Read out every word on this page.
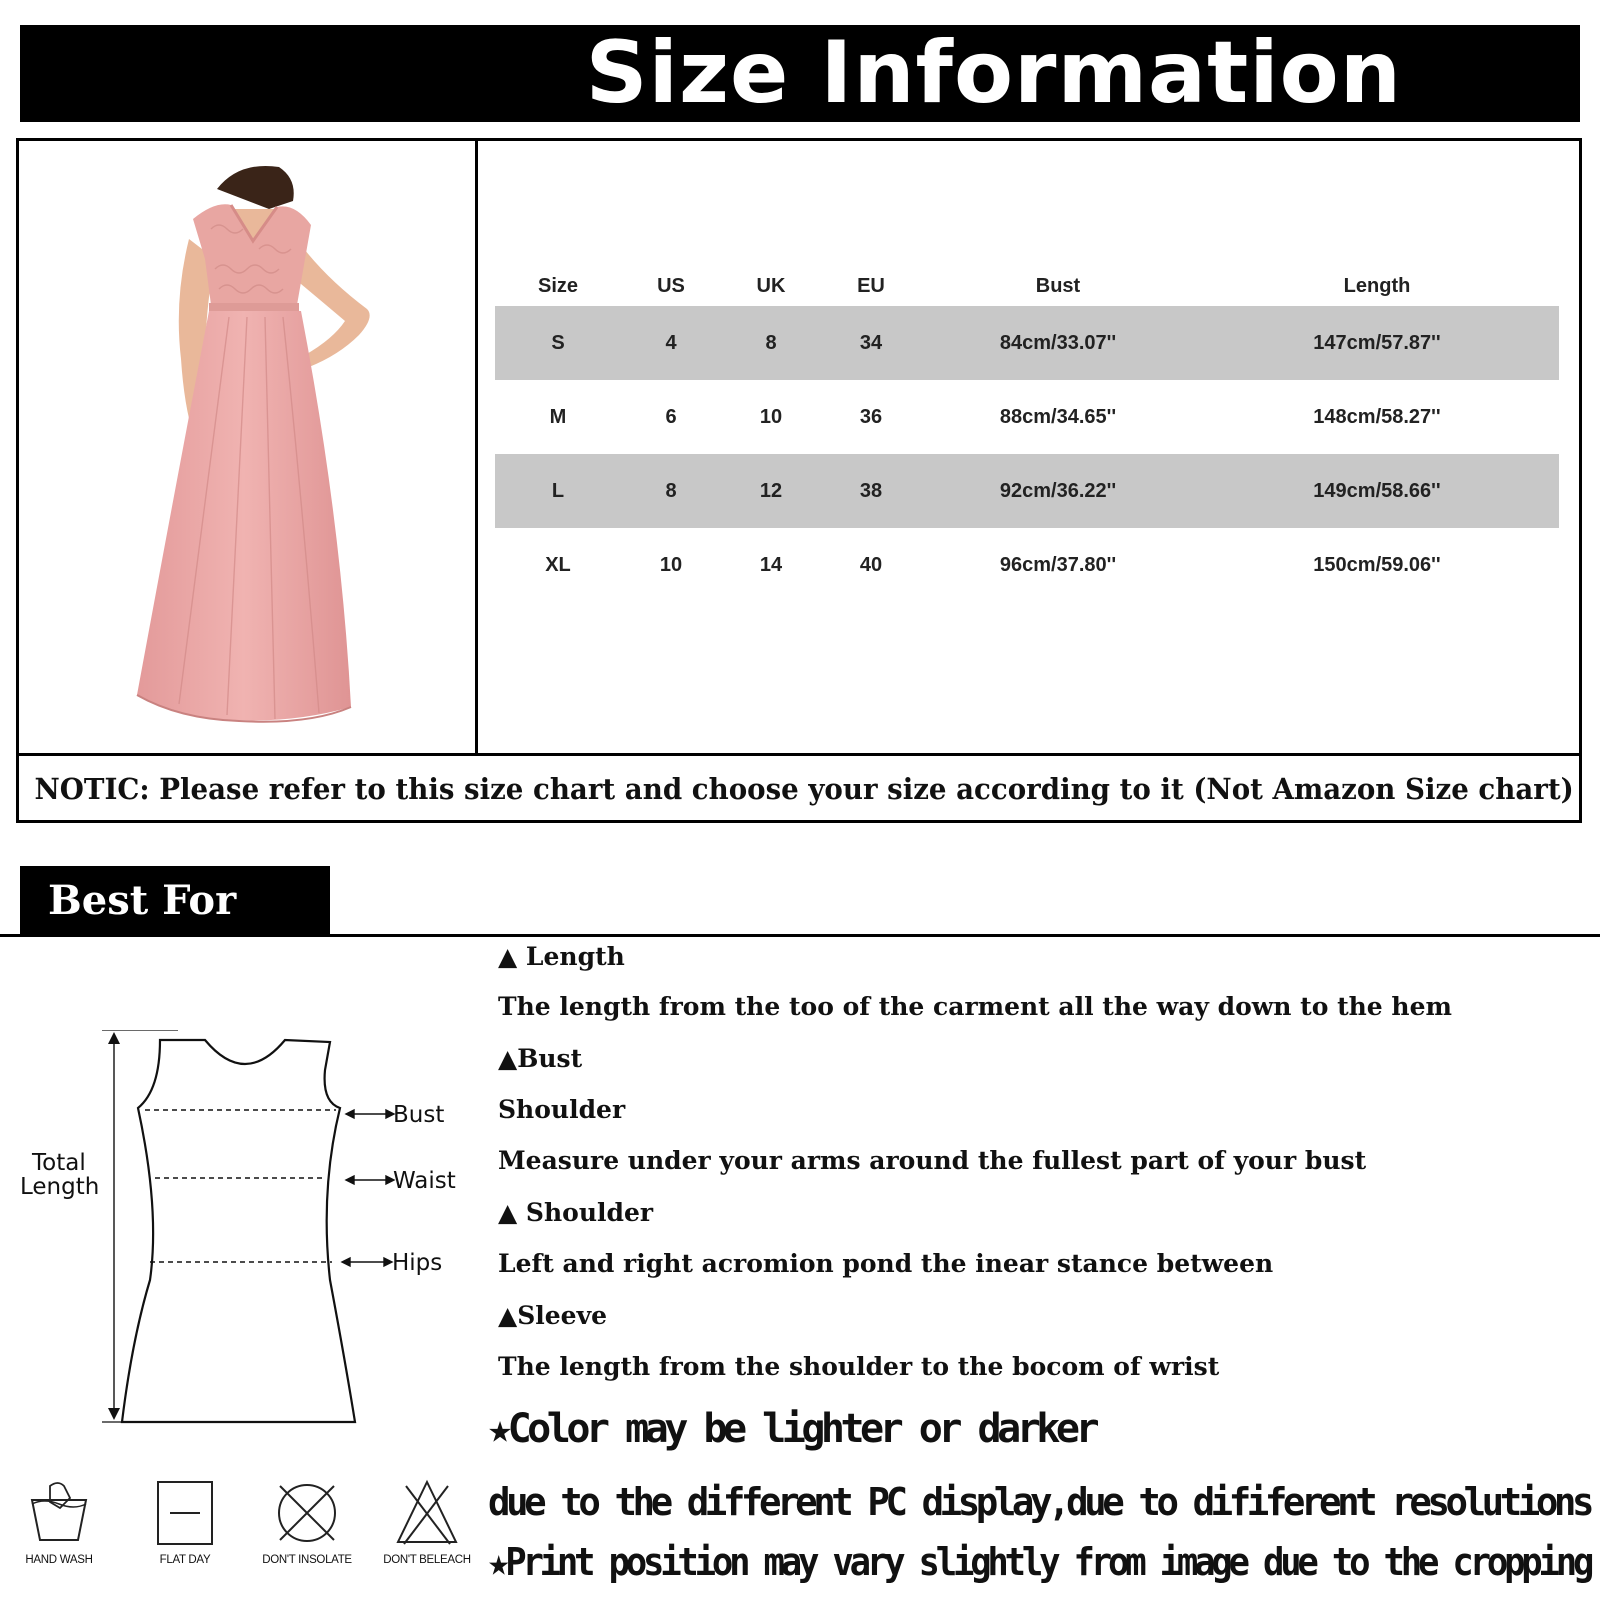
Size Information
Size	US	UK	EU	Bust	Length
S	4	8	34	84cm/33.07''	147cm/57.87''
M	6	10	36	88cm/34.65''	148cm/58.27''
L	8	12	38	92cm/36.22''	149cm/58.66''
XL	10	14	40	96cm/37.80''	150cm/59.06''
NOTIC: Please refer to this size chart and choose your size according to it (Not Amazon Size chart)
Best For You
Total
Length
Bust
Waist
Hips
HAND WASH	FLAT DAY	DON'T INSOLATE	DON'T BELEACH
▲ Length
The length from the too of the carment all the way down to the hem
▲Bust
Shoulder
Measure under your arms around the fullest part of your bust
▲ Shoulder
Left and right acromion pond the inear stance between
▲Sleeve
The length from the shoulder to the bocom of wrist
★Color may be lighter or darker
due to the different PC display,due to dififerent resolutions
★Print position may vary slightly from image due to the cropping
